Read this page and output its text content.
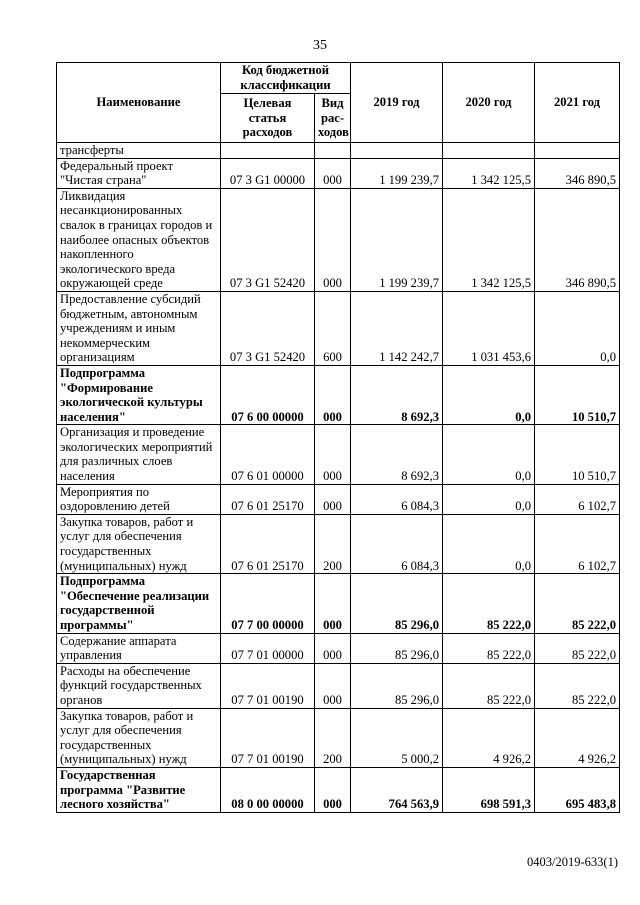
35
Наименование	Код бюджетной классификации		2019 год	2020 год	2021 год
	Целевая статья расходов	Вид рас-ходов			
трансферты					
Федеральный проект "Чистая страна"	07 3 G1 00000	000	1 199 239,7	1 342 125,5	346 890,5
Ликвидация несанкционированных свалок в границах городов и наиболее опасных объектов накопленного экологического вреда окружающей среде	07 3 G1 52420	000	1 199 239,7	1 342 125,5	346 890,5
Предоставление субсидий бюджетным, автономным учреждениям и иным некоммерческим организациям	07 3 G1 52420	600	1 142 242,7	1 031 453,6	0,0
Подпрограмма "Формирование экологической культуры населения"	07 6 00 00000	000	8 692,3	0,0	10 510,7
Организация и проведение экологических мероприятий для различных слоев населения	07 6 01 00000	000	8 692,3	0,0	10 510,7
Мероприятия по оздоровлению детей	07 6 01 25170	000	6 084,3	0,0	6 102,7
Закупка товаров, работ и услуг для обеспечения государственных (муниципальных) нужд	07 6 01 25170	200	6 084,3	0,0	6 102,7
Подпрограмма "Обеспечение реализации государственной программы"	07 7 00 00000	000	85 296,0	85 222,0	85 222,0
Содержание аппарата управления	07 7 01 00000	000	85 296,0	85 222,0	85 222,0
Расходы на обеспечение функций государственных органов	07 7 01 00190	000	85 296,0	85 222,0	85 222,0
Закупка товаров, работ и услуг для обеспечения государственных (муниципальных) нужд	07 7 01 00190	200	5 000,2	4 926,2	4 926,2
Государственная программа "Развитие лесного хозяйства"	08 0 00 00000	000	764 563,9	698 591,3	695 483,8
0403/2019-633(1)
